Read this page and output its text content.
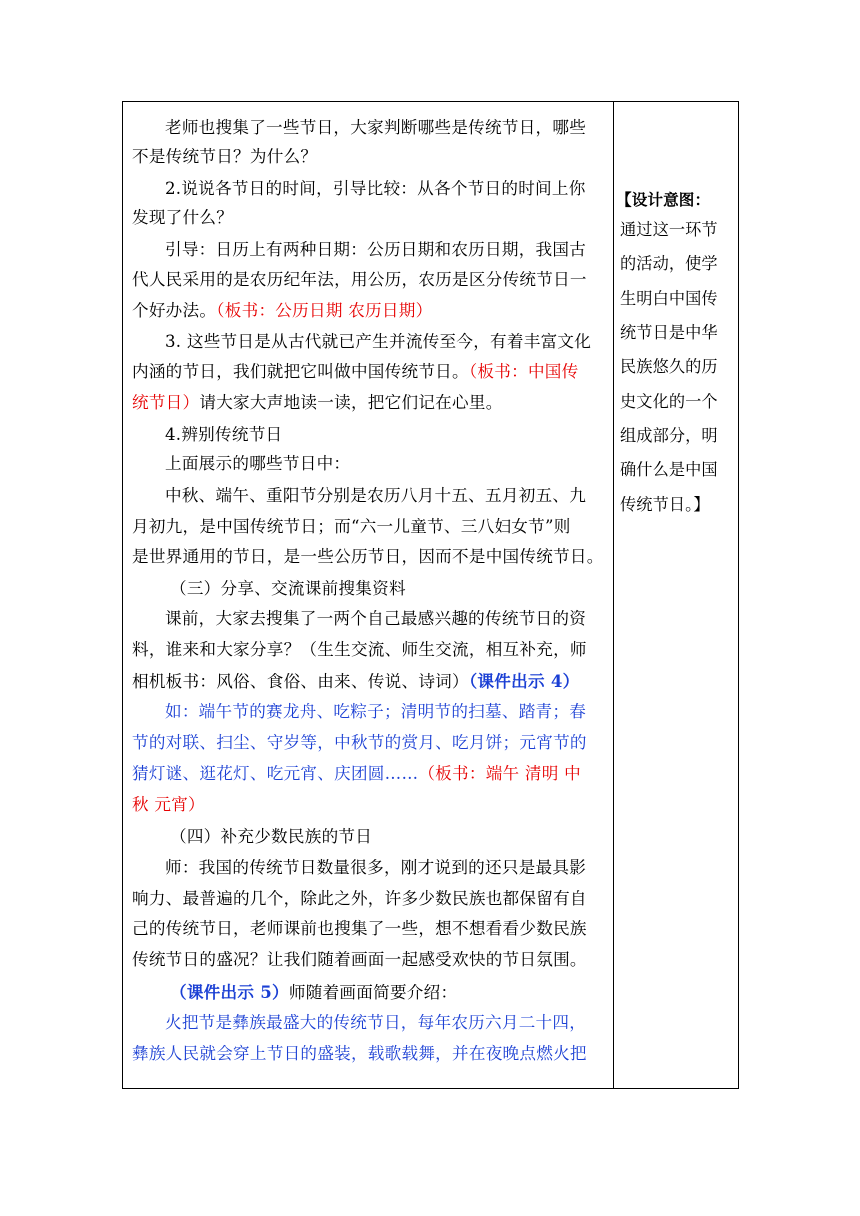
老师也搜集了一些节日，大家判断哪些是传统节日，哪些
不是传统节日？为什么？
2.说说各节日的时间，引导比较：从各个节日的时间上你
发现了什么？
引导：日历上有两种日期：公历日期和农历日期，我国古
代人民采用的是农历纪年法，用公历，农历是区分传统节日一
个好办法。（板书：公历日期 农历日期）
3. 这些节日是从古代就已产生并流传至今，有着丰富文化
内涵的节日，我们就把它叫做中国传统节日。（板书：中国传
统节日）请大家大声地读一读，把它们记在心里。
4.辨别传统节日
上面展示的哪些节日中：
中秋、端午、重阳节分别是农历八月十五、五月初五、九
月初九，是中国传统节日；而“六一儿童节、三八妇女节”则
是世界通用的节日，是一些公历节日，因而不是中国传统节日。
（三）分享、交流课前搜集资料
课前，大家去搜集了一两个自己最感兴趣的传统节日的资
料，谁来和大家分享？（生生交流、师生交流，相互补充，师
相机板书：风俗、食俗、由来、传说、诗词）（课件出示 4）
如：端午节的赛龙舟、吃粽子；清明节的扫墓、踏青；春
节的对联、扫尘、守岁等，中秋节的赏月、吃月饼；元宵节的
猜灯谜、逛花灯、吃元宵、庆团圆……（板书：端午 清明 中
秋 元宵）
（四）补充少数民族的节日
师：我国的传统节日数量很多，刚才说到的还只是最具影
响力、最普遍的几个，除此之外，许多少数民族也都保留有自
己的传统节日，老师课前也搜集了一些，想不想看看少数民族
传统节日的盛况？让我们随着画面一起感受欢快的节日氛围。
（课件出示 5）师随着画面简要介绍：
火把节是彝族最盛大的传统节日，每年农历六月二十四，
彝族人民就会穿上节日的盛装，载歌载舞，并在夜晚点燃火把
【设计意图：
通过这一环节
的活动，使学
生明白中国传
统节日是中华
民族悠久的历
史文化的一个
组成部分，明
确什么是中国
传统节日。】
